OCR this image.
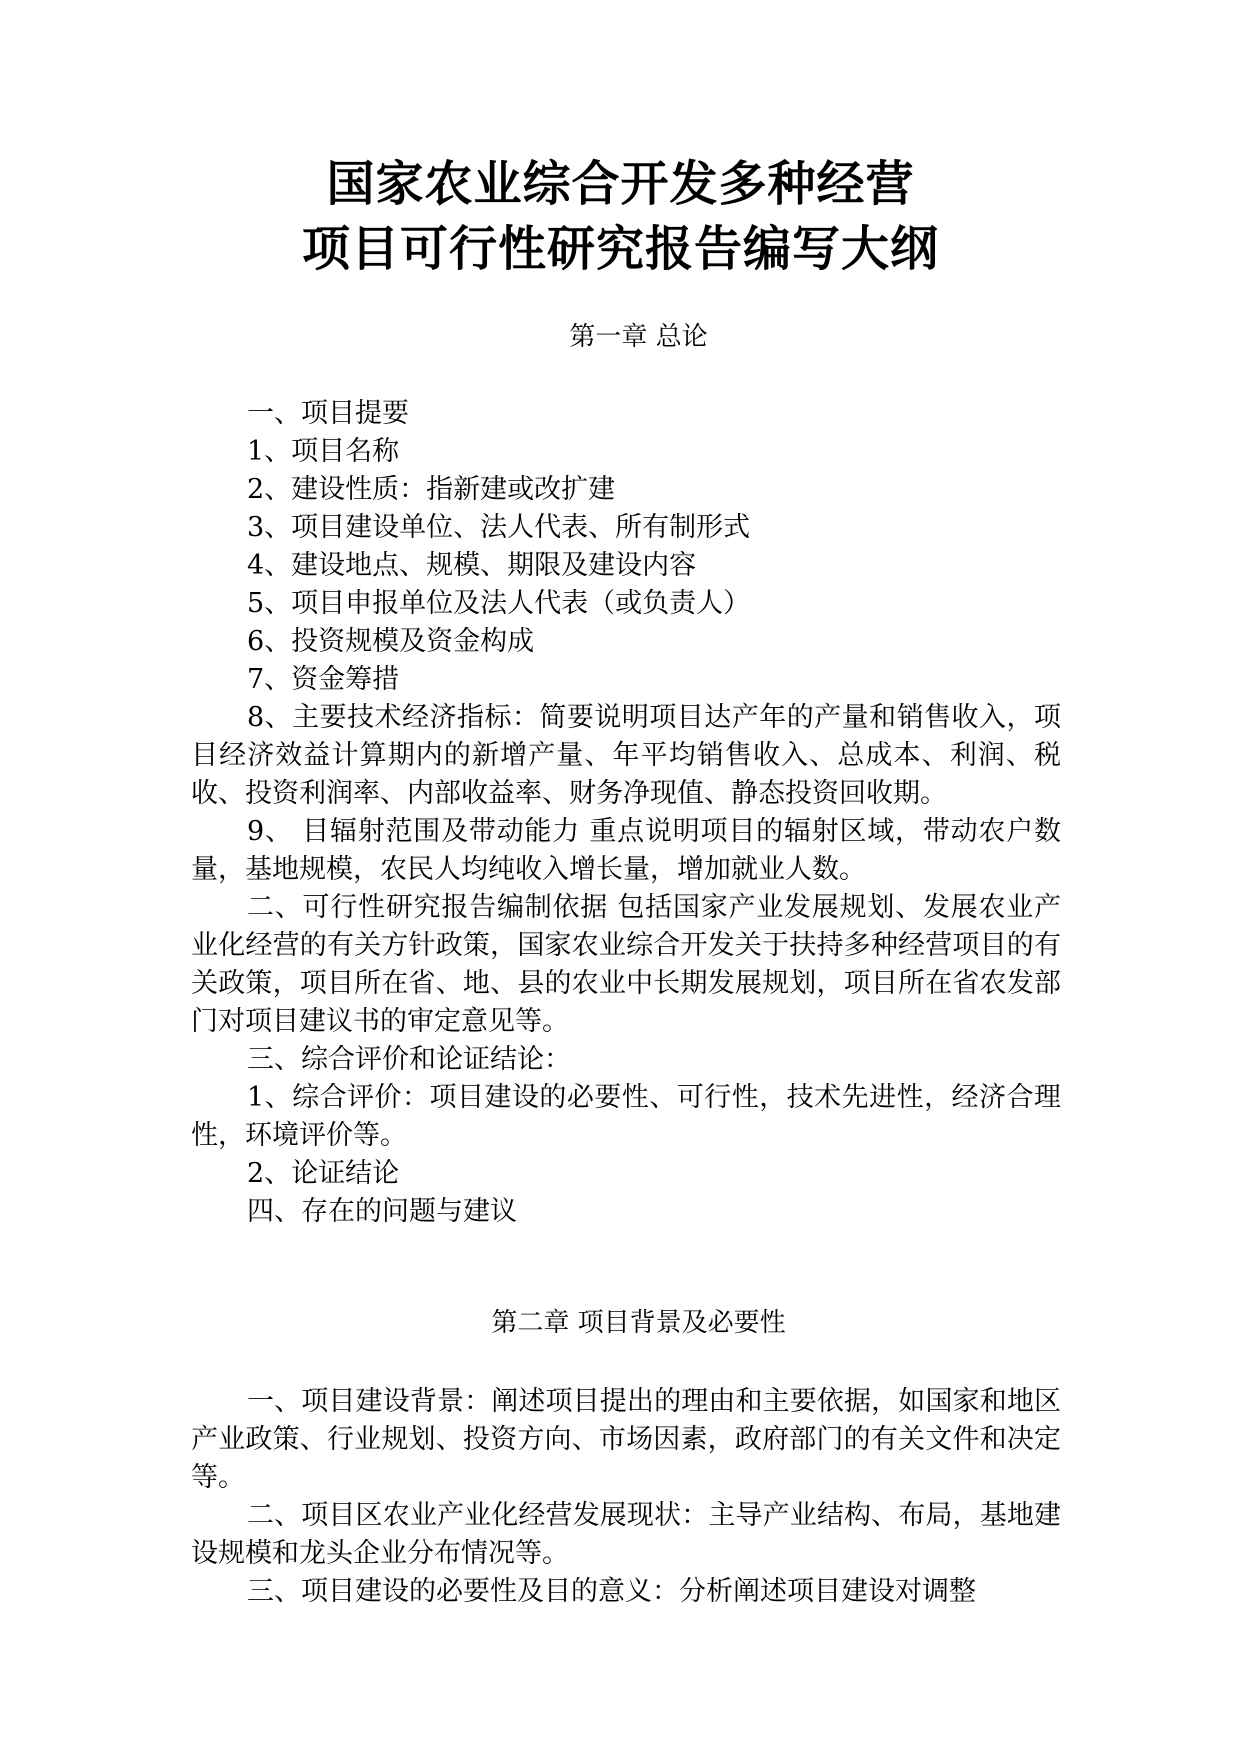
国家农业综合开发多种经营
项目可行性研究报告编写大纲
第一章 总论

一、项目提要

1、项目名称

2、建设性质：指新建或改扩建

3、项目建设单位、法人代表、所有制形式

4、建设地点、规模、期限及建设内容

5、项目申报单位及法人代表（或负责人）

6、投资规模及资金构成

7、资金筹措

8、主要技术经济指标：简要说明项目达产年的产量和销售收入，项目经济效益计算期内的新增产量、年平均销售收入、总成本、利润、税收、投资利润率、内部收益率、财务净现值、静态投资回收期。

9、 目辐射范围及带动能力 重点说明项目的辐射区域，带动农户数量，基地规模，农民人均纯收入增长量，增加就业人数。

二、可行性研究报告编制依据 包括国家产业发展规划、发展农业产业化经营的有关方针政策，国家农业综合开发关于扶持多种经营项目的有关政策，项目所在省、地、县的农业中长期发展规划，项目所在省农发部门对项目建议书的审定意见等。

三、综合评价和论证结论：

1、综合评价：项目建设的必要性、可行性，技术先进性，经济合理性，环境评价等。

2、论证结论

四、存在的问题与建议

第二章 项目背景及必要性

一、项目建设背景：阐述项目提出的理由和主要依据，如国家和地区产业政策、行业规划、投资方向、市场因素，政府部门的有关文件和决定等。

二、项目区农业产业化经营发展现状：主导产业结构、布局，基地建设规模和龙头企业分布情况等。

三、项目建设的必要性及目的意义：分析阐述项目建设对调整
